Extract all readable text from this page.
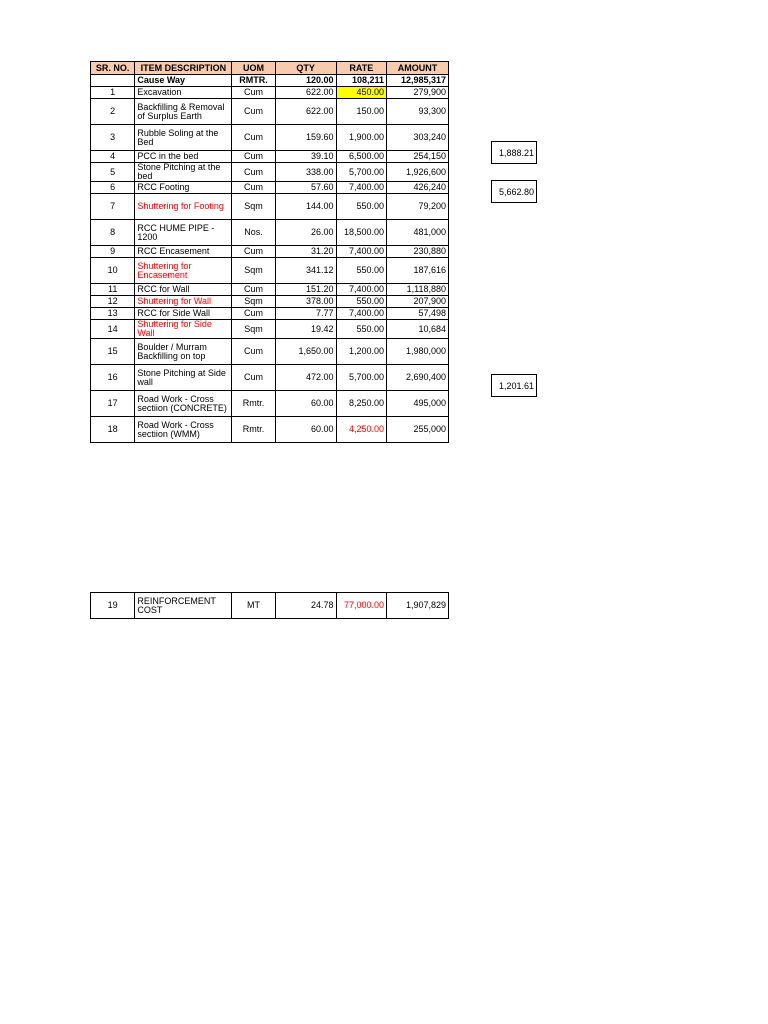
SR. NO.	ITEM DESCRIPTION	UOM	QTY	RATE	AMOUNT
	Cause Way	RMTR.	120.00	108,211	12,985,317
1	Excavation	Cum	622.00	450.00	279,900
2	Backfilling & Removal of Surplus Earth	Cum	622.00	150.00	93,300
3	Rubble Soling at the Bed	Cum	159.60	1,900.00	303,240
4	PCC in the bed	Cum	39.10	6,500.00	254,150
5	Stone Pitching at the bed	Cum	338.00	5,700.00	1,926,600
6	RCC Footing	Cum	57.60	7,400.00	426,240
7	Shuttering for Footing	Sqm	144.00	550.00	79,200
8	RCC HUME PIPE - 1200	Nos.	26.00	18,500.00	481,000
9	RCC Encasement	Cum	31.20	7,400.00	230,880
10	Shuttering for Encasement	Sqm	341.12	550.00	187,616
11	RCC for Wall	Cum	151.20	7,400.00	1,118,880
12	Shuttering for Wall	Sqm	378.00	550.00	207,900
13	RCC for Side Wall	Cum	7.77	7,400.00	57,498
14	Shuttering for Side Wall	Sqm	19.42	550.00	10,684
15	Boulder / Murram Backfilling on top	Cum	1,650.00	1,200.00	1,980,000
16	Stone Pitching at Side wall	Cum	472.00	5,700.00	2,690,400
17	Road Work - Cross sectiion (CONCRETE)	Rmtr.	60.00	8,250.00	495,000
18	Road Work - Cross sectiion (WMM)	Rmtr.	60.00	4,250.00	255,000
19	REINFORCEMENT COST	MT	24.78	77,000.00	1,907,829
1,888.21
5,662.80
1,201.61
